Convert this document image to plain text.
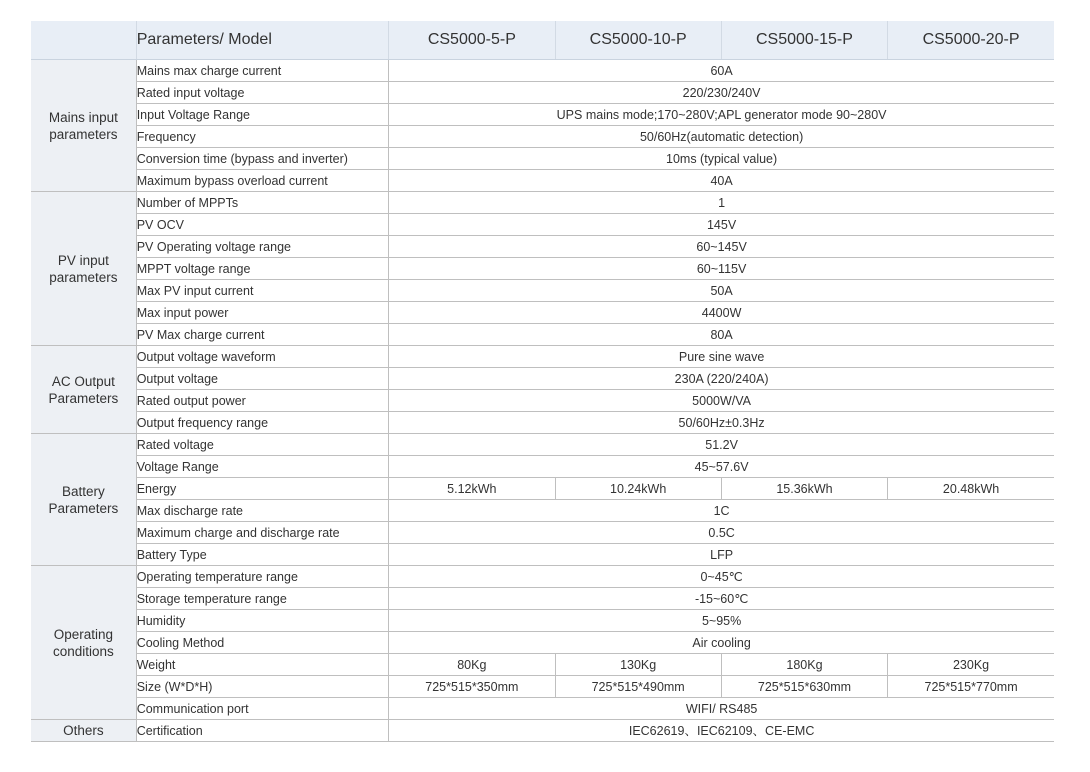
	Parameters/ Model	CS5000-5-P	CS5000-10-P	CS5000-15-P	CS5000-20-P
Mains input parameters	Mains max charge current	60A			
	Rated input voltage	220/230/240V			
	Input Voltage Range	UPS mains mode;170~280V;APL generator mode 90~280V			
	Frequency	50/60Hz(automatic detection)			
	Conversion time (bypass and inverter)	10ms (typical value)			
	Maximum bypass overload current	40A			
PV input parameters	Number of MPPTs	1			
	PV OCV	145V			
	PV Operating voltage range	60~145V			
	MPPT voltage range	60~115V			
	Max PV input current	50A			
	Max input power	4400W			
	PV Max charge current	80A			
AC Output Parameters	Output voltage waveform	Pure sine wave			
	Output voltage	230A (220/240A)			
	Rated output power	5000W/VA			
	Output frequency range	50/60Hz±0.3Hz			
Battery Parameters	Rated voltage	51.2V			
	Voltage Range	45~57.6V			
	Energy	5.12kWh	10.24kWh	15.36kWh	20.48kWh
	Max discharge rate	1C			
	Maximum charge and discharge rate	0.5C			
	Battery Type	LFP			
Operating conditions	Operating temperature range	0~45℃			
	Storage temperature range	-15~60℃			
	Humidity	5~95%			
	Cooling Method	Air cooling			
	Weight	80Kg	130Kg	180Kg	230Kg
	Size (W*D*H)	725*515*350mm	725*515*490mm	725*515*630mm	725*515*770mm
	Communication port	WIFI/ RS485			
Others	Certification	IEC62619、IEC62109、CE-EMC			
